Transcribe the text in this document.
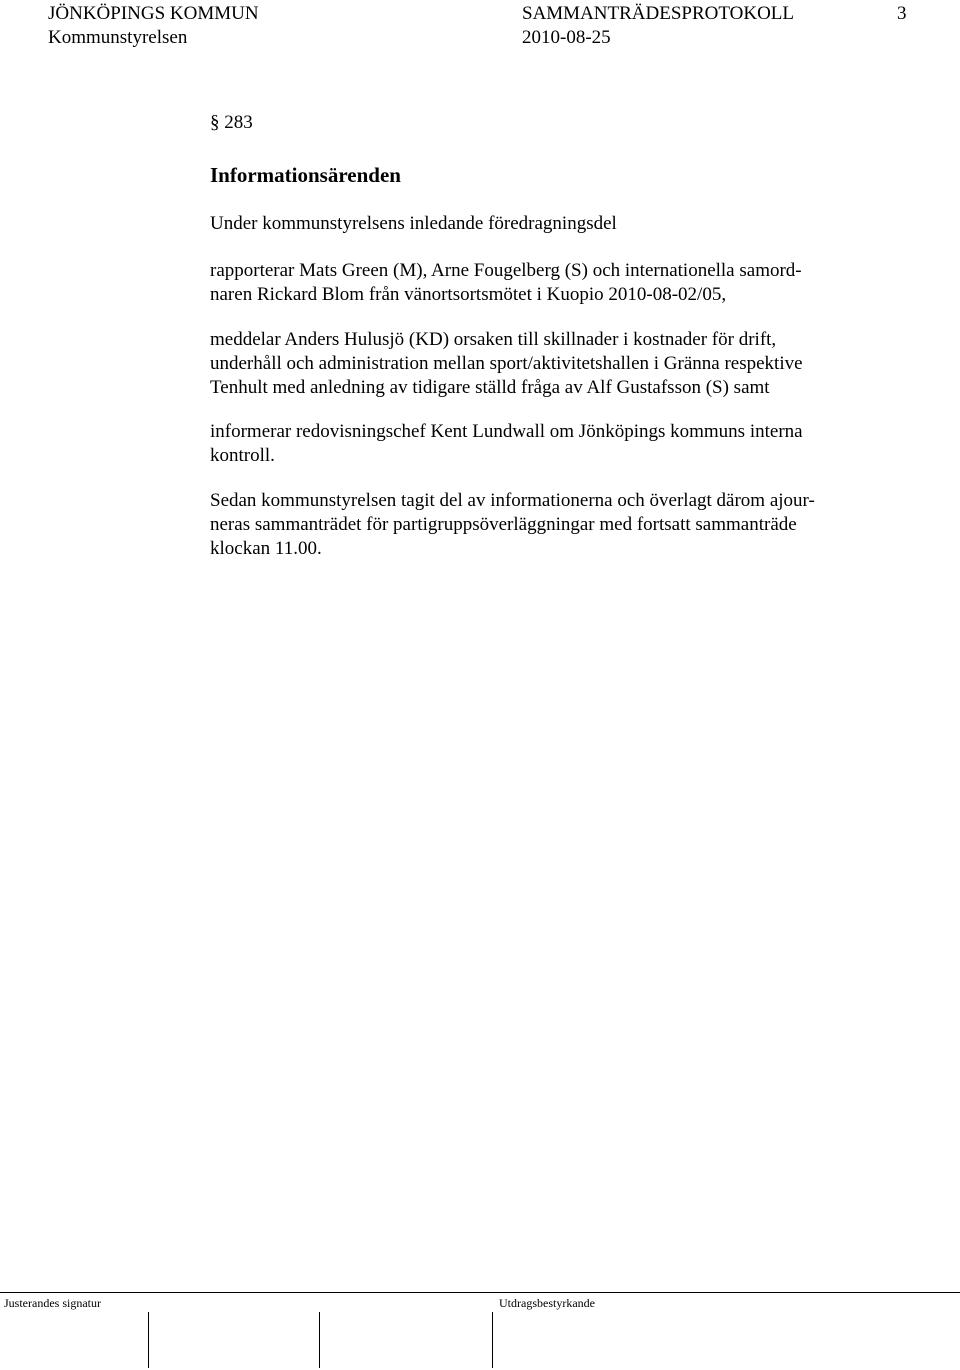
JÖNKÖPINGS KOMMUN	SAMMANTRÄDESPROTOKOLL	3
Kommunstyrelsen	2010-08-25
§ 283
Informationsärenden
Under kommunstyrelsens inledande föredragningsdel
rapporterar Mats Green (M), Arne Fougelberg (S) och internationella samord-
naren Rickard Blom från vänortsortsmötet i Kuopio 2010-08-02/05,
meddelar Anders Hulusjö (KD) orsaken till skillnader i kostnader för drift,
underhåll och administration mellan sport/aktivitetshallen i Gränna respektive
Tenhult med anledning av tidigare ställd fråga av Alf Gustafsson (S) samt
informerar redovisningschef Kent Lundwall om Jönköpings kommuns interna
kontroll.
Sedan kommunstyrelsen tagit del av informationerna och överlagt därom ajour-
neras sammanträdet för partigruppsöverläggningar med fortsatt sammanträde
klockan 11.00.
Justerandes signatur	Utdragsbestyrkande
